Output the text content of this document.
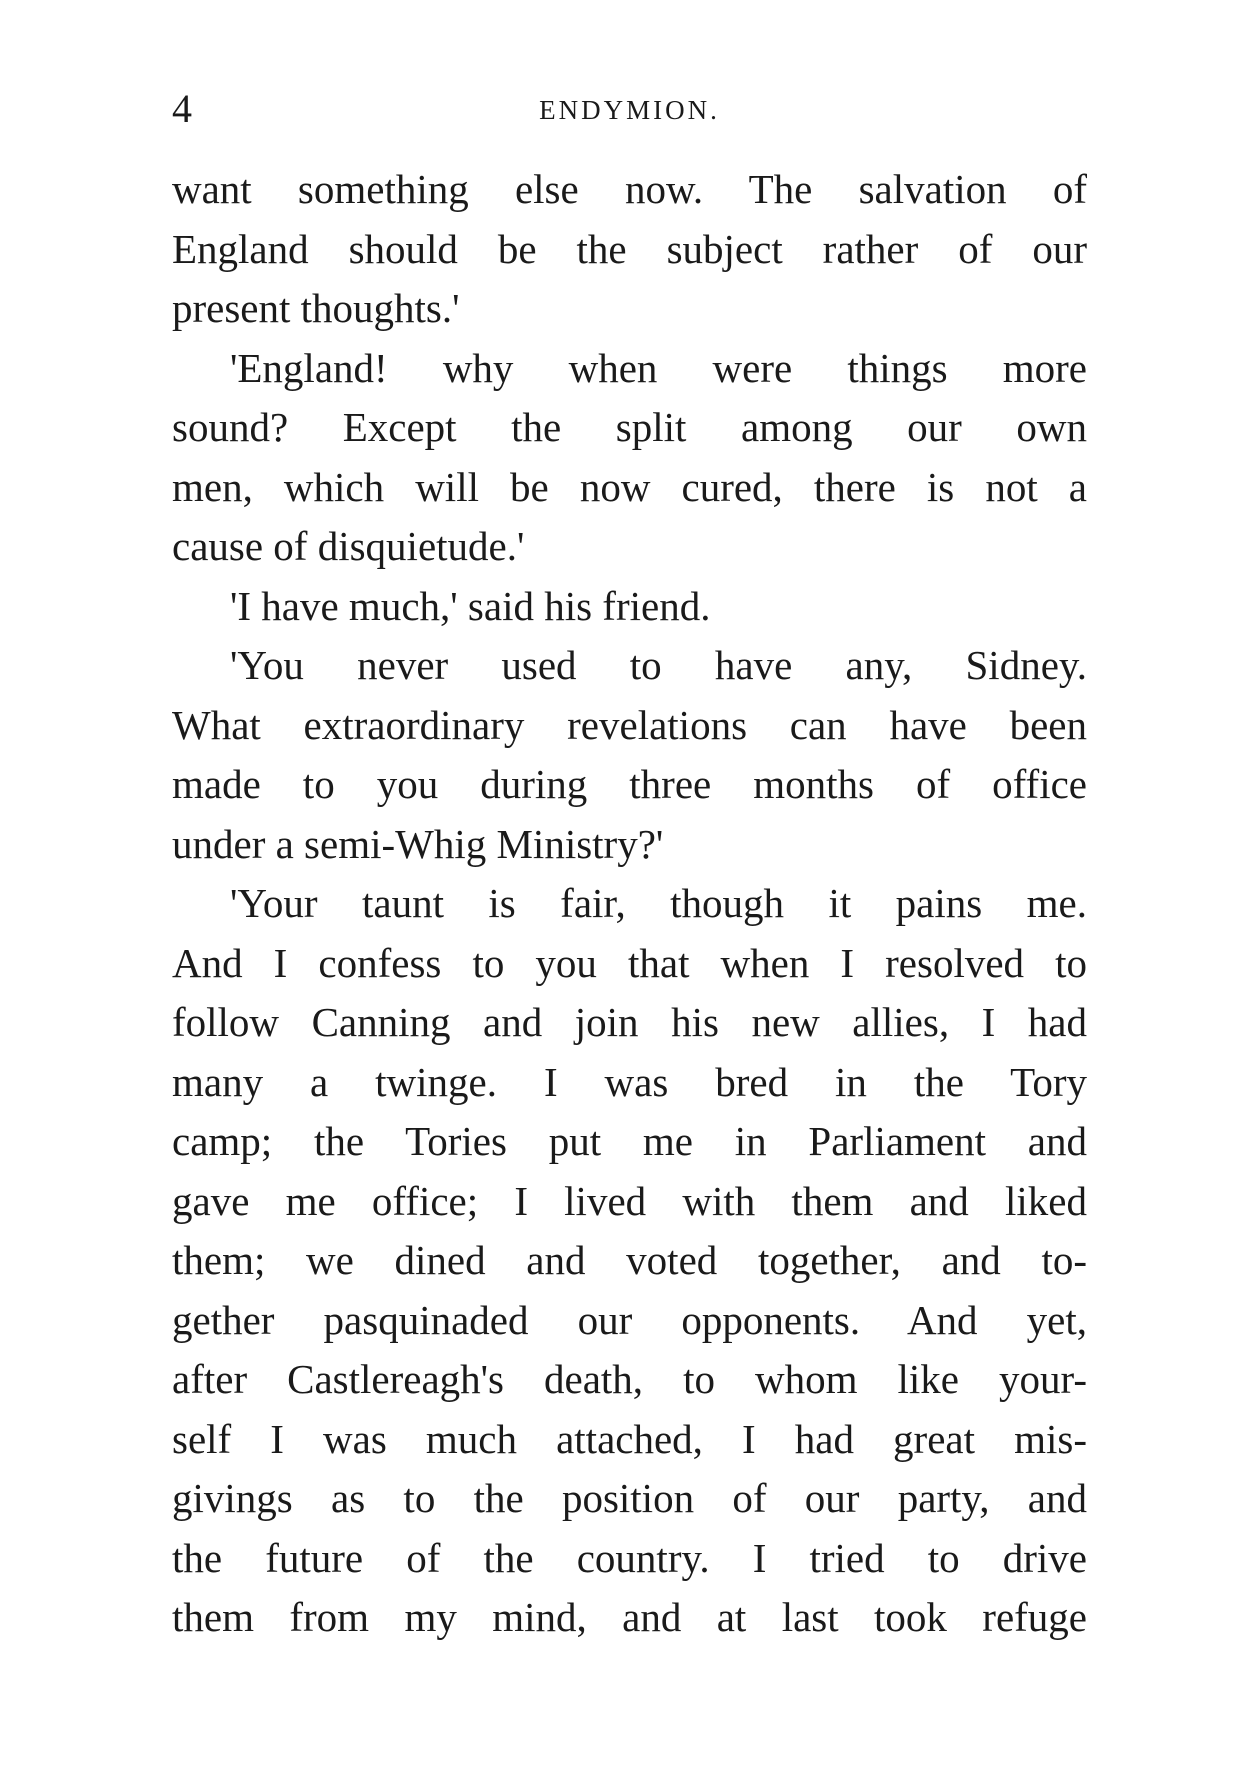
4	ENDYMION.
want something else now. The salvation of
England should be the subject rather of our
present thoughts.'
'England! why when were things more
sound? Except the split among our own
men, which will be now cured, there is not a
cause of disquietude.'
'I have much,' said his friend.
'You never used to have any, Sidney.
What extraordinary revelations can have been
made to you during three months of office
under a semi-Whig Ministry?'
'Your taunt is fair, though it pains me.
And I confess to you that when I resolved to
follow Canning and join his new allies, I had
many a twinge. I was bred in the Tory
camp; the Tories put me in Parliament and
gave me office; I lived with them and liked
them; we dined and voted together, and to-
gether pasquinaded our opponents. And yet,
after Castlereagh's death, to whom like your-
self I was much attached, I had great mis-
givings as to the position of our party, and
the future of the country. I tried to drive
them from my mind, and at last took refuge
